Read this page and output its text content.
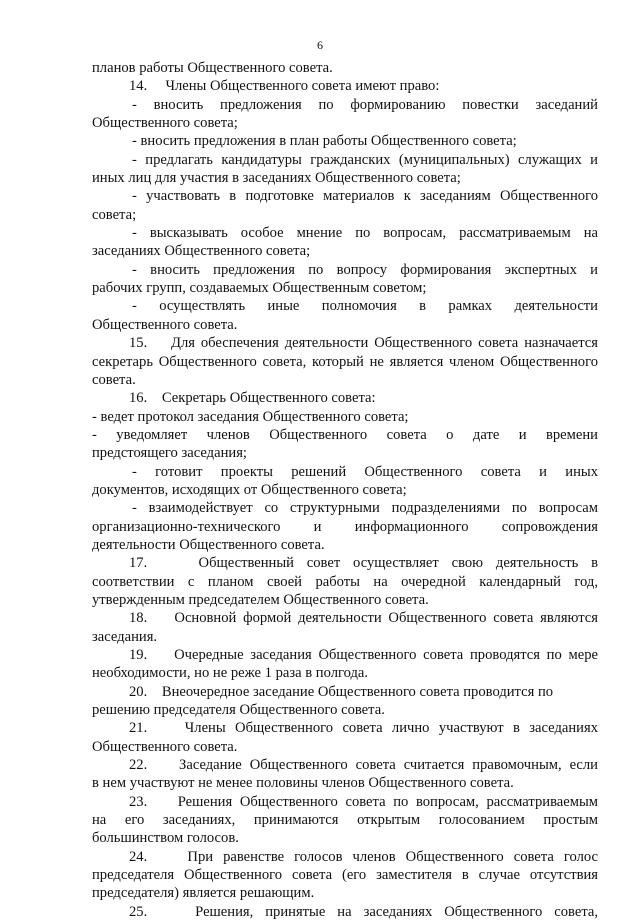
6
планов работы Общественного совета.
14.     Члены Общественного совета имеют право:
- вносить предложения по формированию повестки заседаний
Общественного совета;
- вносить предложения в план работы Общественного совета;
- предлагать кандидатуры гражданских (муниципальных) служащих и
иных лиц для участия в заседаниях Общественного совета;
- участвовать в подготовке материалов к заседаниям Общественного
совета;
- высказывать особое мнение по вопросам, рассматриваемым на
заседаниях Общественного совета;
- вносить предложения по вопросу формирования экспертных и
рабочих групп, создаваемых Общественным советом;
- осуществлять иные полномочия в рамках деятельности
Общественного совета.
15.    Для обеспечения деятельности Общественного совета назначается
секретарь Общественного совета, который не является членом Общественного
совета.
16.    Секретарь Общественного совета:
- ведет протокол заседания Общественного совета;
- уведомляет членов Общественного совета о дате и времени
предстоящего заседания;
- готовит проекты решений Общественного совета и иных
документов, исходящих от Общественного совета;
- взаимодействует со структурными подразделениями по вопросам
организационно-технического и информационного сопровождения
деятельности Общественного совета.
17.    Общественный совет осуществляет свою деятельность в
соответствии с планом своей работы на очередной календарный год,
утвержденным председателем Общественного совета.
18.    Основной формой деятельности Общественного совета являются
заседания.
19.    Очередные заседания Общественного совета проводятся по мере
необходимости, но не реже 1 раза в полгода.
20.    Внеочередное заседание Общественного совета проводится по
решению председателя Общественного совета.
21.    Члены Общественного совета лично участвуют в заседаниях
Общественного совета.
22.    Заседание Общественного совета считается правомочным, если
в нем участвуют не менее половины членов Общественного совета.
23.    Решения Общественного совета по вопросам, рассматриваемым
на его заседаниях, принимаются открытым голосованием простым
большинством голосов.
24.    При равенстве голосов членов Общественного совета голос
председателя Общественного совета (его заместителя в случае отсутствия
председателя) является решающим.
25.    Решения, принятые на заседаниях Общественного совета,
